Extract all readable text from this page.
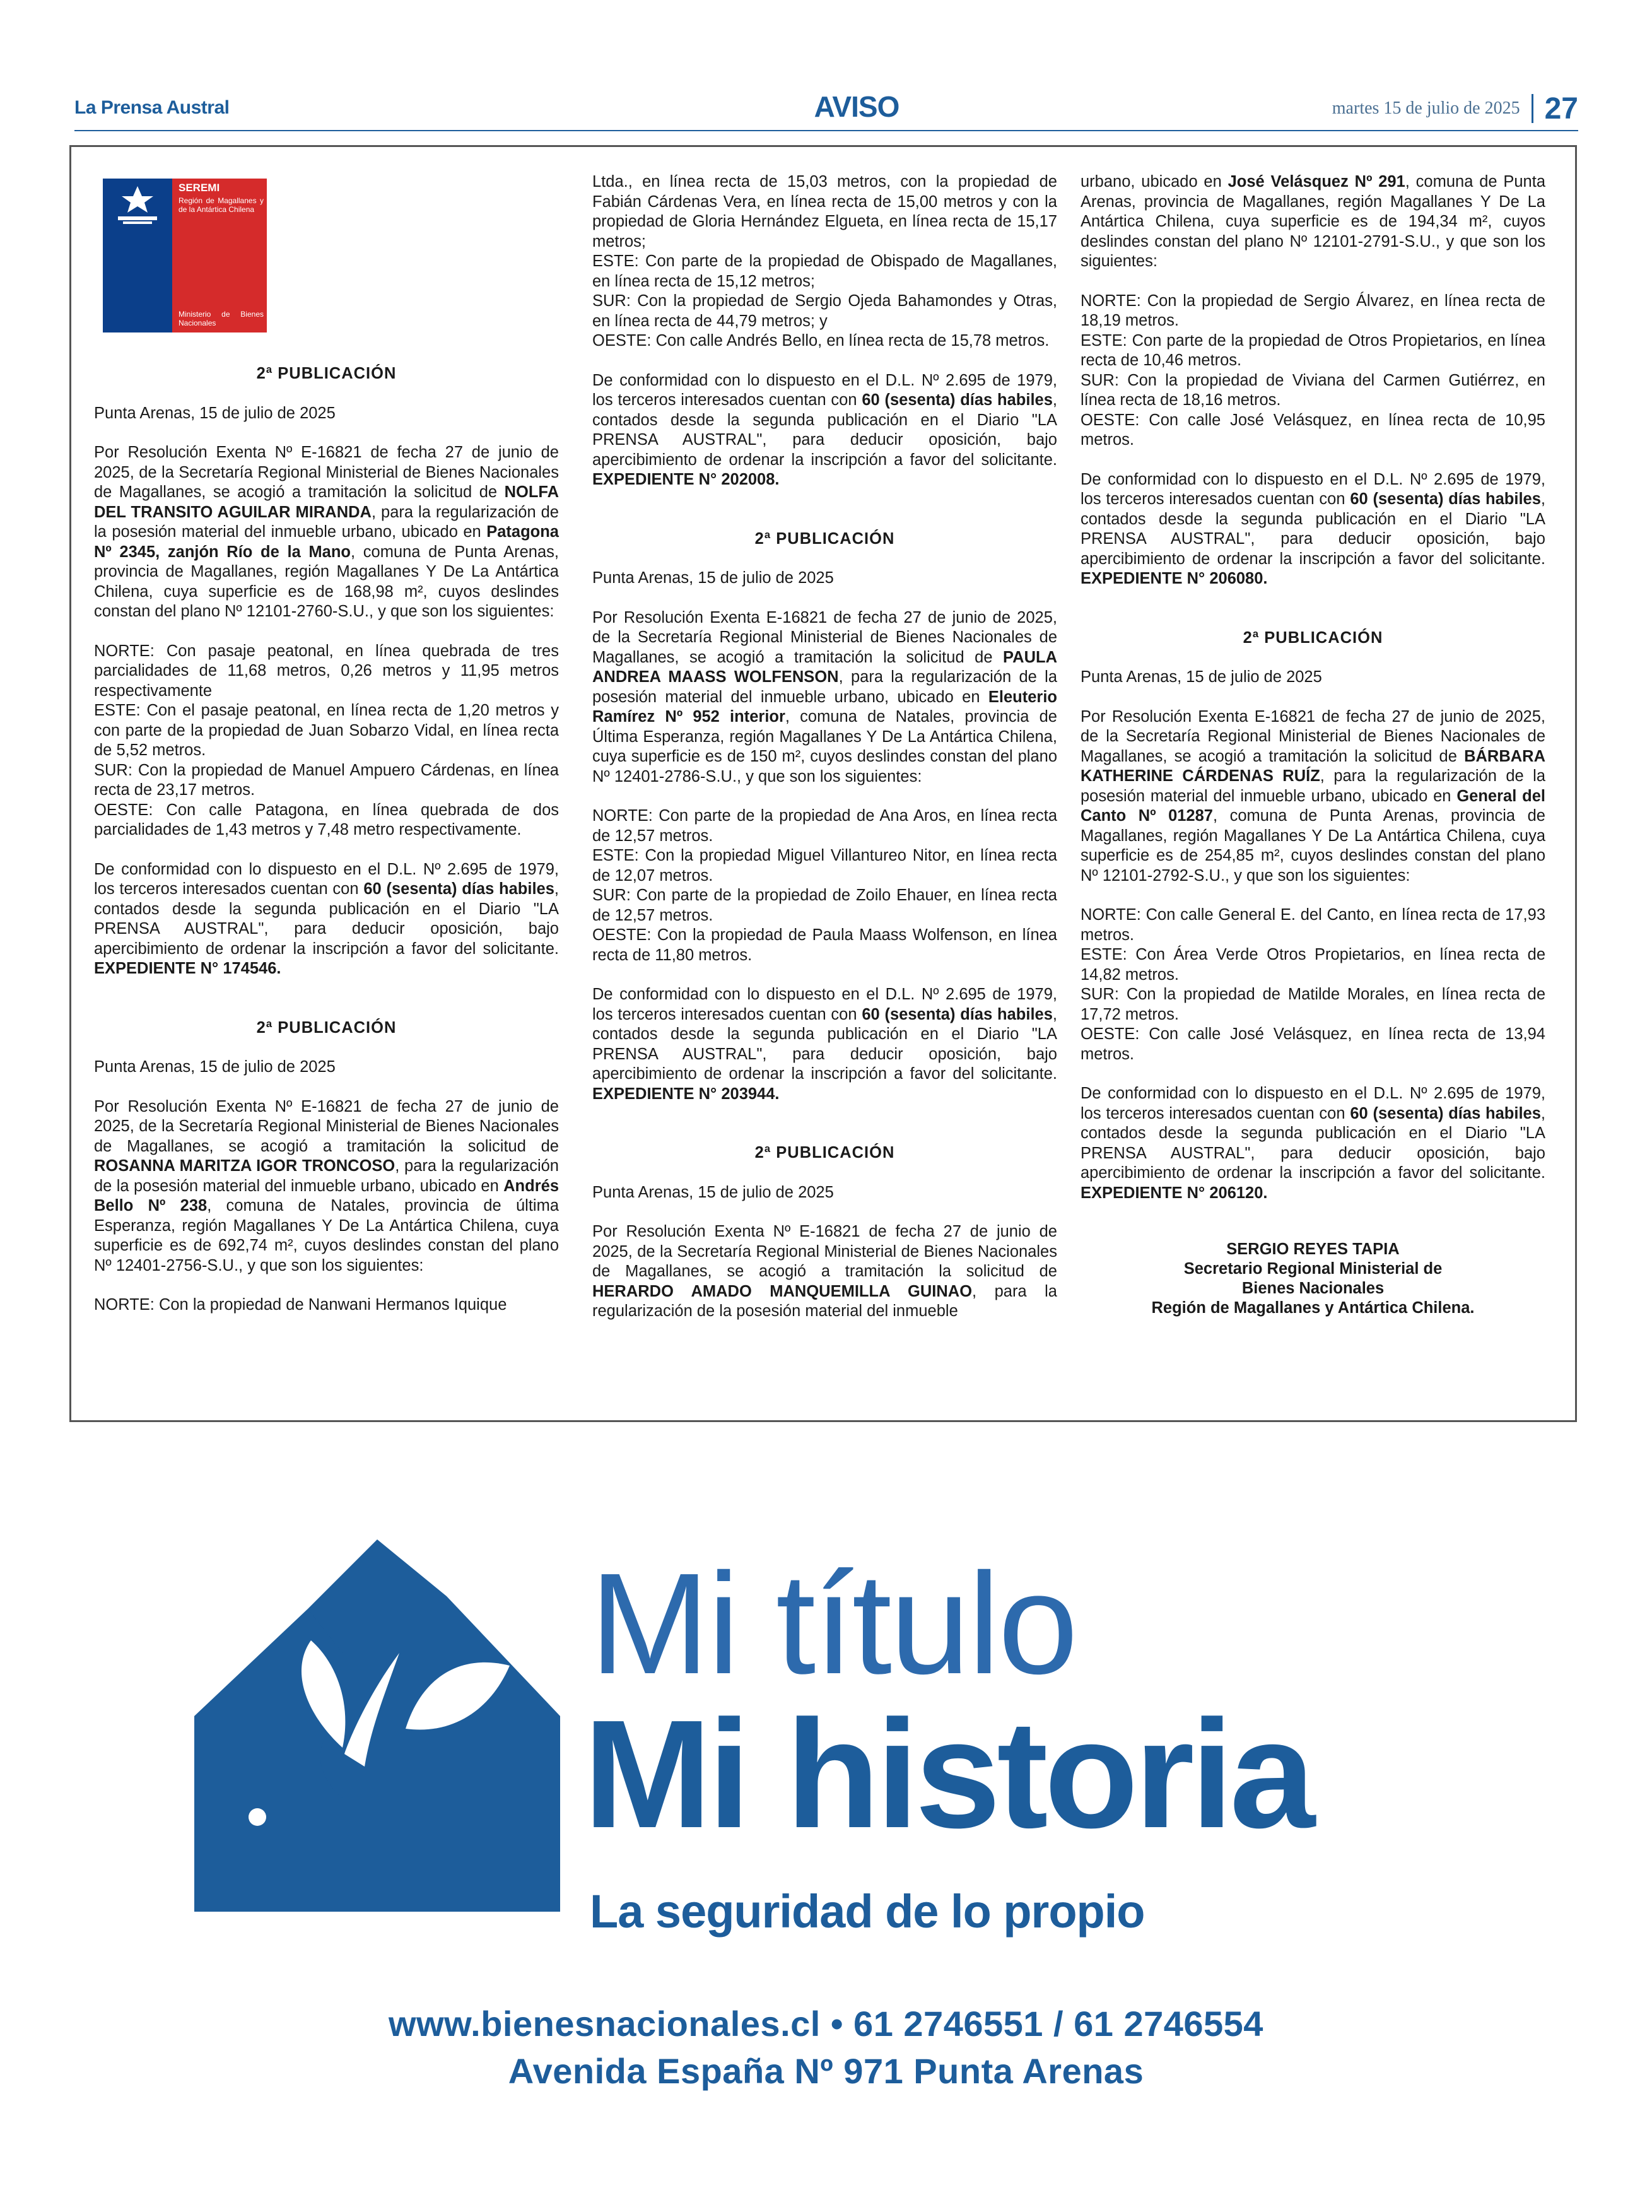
La Prensa Austral	AVISO	martes 15 de julio de 2025 27
SEREMI
Región de Magallanes y de la Antártica Chilena
Ministerio de Bienes Nacionales
2ª PUBLICACIÓN

Punta Arenas, 15 de julio de 2025

Por Resolución Exenta Nº E-16821 de fecha 27 de junio de 2025, de la Secretaría Regional Ministerial de Bienes Nacionales de Magallanes, se acogió a tramitación la solicitud de NOLFA DEL TRANSITO AGUILAR MIRANDA, para la regularización de la posesión material del inmueble urbano, ubicado en Patagona Nº 2345, zanjón Río de la Mano, comuna de Punta Arenas, provincia de Magallanes, región Magallanes Y De La Antártica Chilena, cuya superficie es de 168,98 m², cuyos deslindes constan del plano Nº 12101-2760-S.U., y que son los siguientes:

NORTE: Con pasaje peatonal, en línea quebrada de tres parcialidades de 11,68 metros, 0,26 metros y 11,95 metros respectivamente

ESTE: Con el pasaje peatonal, en línea recta de 1,20 metros y con parte de la propiedad de Juan Sobarzo Vidal, en línea recta de 5,52 metros.

SUR: Con la propiedad de Manuel Ampuero Cárdenas, en línea recta de 23,17 metros.

OESTE: Con calle Patagona, en línea quebrada de dos parcialidades de 1,43 metros y 7,48 metro respectivamente.

De conformidad con lo dispuesto en el D.L. Nº 2.695 de 1979, los terceros interesados cuentan con 60 (sesenta) días habiles, contados desde la segunda publicación en el Diario "LA PRENSA AUSTRAL", para deducir oposición, bajo apercibimiento de ordenar la inscripción a favor del solicitante. EXPEDIENTE N° 174546.

2ª PUBLICACIÓN

Punta Arenas, 15 de julio de 2025

Por Resolución Exenta Nº E-16821 de fecha 27 de junio de 2025, de la Secretaría Regional Ministerial de Bienes Nacionales de Magallanes, se acogió a tramitación la solicitud de ROSANNA MARITZA IGOR TRONCOSO, para la regularización de la posesión material del inmueble urbano, ubicado en Andrés Bello Nº 238, comuna de Natales, provincia de última Esperanza, región Magallanes Y De La Antártica Chilena, cuya superficie es de 692,74 m², cuyos deslindes constan del plano Nº 12401-2756-S.U., y que son los siguientes:

NORTE: Con la propiedad de Nanwani Hermanos Iquique

Ltda., en línea recta de 15,03 metros, con la propiedad de Fabián Cárdenas Vera, en línea recta de 15,00 metros y con la propiedad de Gloria Hernández Elgueta, en línea recta de 15,17 metros;

ESTE: Con parte de la propiedad de Obispado de Magallanes, en línea recta de 15,12 metros;

SUR: Con la propiedad de Sergio Ojeda Bahamondes y Otras, en línea recta de 44,79 metros; y

OESTE: Con calle Andrés Bello, en línea recta de 15,78 metros.

De conformidad con lo dispuesto en el D.L. Nº 2.695 de 1979, los terceros interesados cuentan con 60 (sesenta) días habiles, contados desde la segunda publicación en el Diario "LA PRENSA AUSTRAL", para deducir oposición, bajo apercibimiento de ordenar la inscripción a favor del solicitante. EXPEDIENTE N° 202008.

2ª PUBLICACIÓN

Punta Arenas, 15 de julio de 2025

Por Resolución Exenta E-16821 de fecha 27 de junio de 2025, de la Secretaría Regional Ministerial de Bienes Nacionales de Magallanes, se acogió a tramitación la solicitud de PAULA ANDREA MAASS WOLFENSON, para la regularización de la posesión material del inmueble urbano, ubicado en Eleuterio Ramírez Nº 952 interior, comuna de Natales, provincia de Última Esperanza, región Magallanes Y De La Antártica Chilena, cuya superficie es de 150 m², cuyos deslindes constan del plano Nº 12401-2786-S.U., y que son los siguientes:

NORTE: Con parte de la propiedad de Ana Aros, en línea recta de 12,57 metros.

ESTE: Con la propiedad Miguel Villantureo Nitor, en línea recta de 12,07 metros.

SUR: Con parte de la propiedad de Zoilo Ehauer, en línea recta de 12,57 metros.

OESTE: Con la propiedad de Paula Maass Wolfenson, en línea recta de 11,80 metros.

De conformidad con lo dispuesto en el D.L. Nº 2.695 de 1979, los terceros interesados cuentan con 60 (sesenta) días habiles, contados desde la segunda publicación en el Diario "LA PRENSA AUSTRAL", para deducir oposición, bajo apercibimiento de ordenar la inscripción a favor del solicitante. EXPEDIENTE N° 203944.

2ª PUBLICACIÓN

Punta Arenas, 15 de julio de 2025

Por Resolución Exenta Nº E-16821 de fecha 27 de junio de 2025, de la Secretaría Regional Ministerial de Bienes Nacionales de Magallanes, se acogió a tramitación la solicitud de HERARDO AMADO MANQUEMILLA GUINAO, para la regularización de la posesión material del inmueble

urbano, ubicado en José Velásquez Nº 291, comuna de Punta Arenas, provincia de Magallanes, región Magallanes Y De La Antártica Chilena, cuya superficie es de 194,34 m², cuyos deslindes constan del plano Nº 12101-2791-S.U., y que son los siguientes:

NORTE: Con la propiedad de Sergio Álvarez, en línea recta de 18,19 metros.

ESTE: Con parte de la propiedad de Otros Propietarios, en línea recta de 10,46 metros.

SUR: Con la propiedad de Viviana del Carmen Gutiérrez, en línea recta de 18,16 metros.

OESTE: Con calle José Velásquez, en línea recta de 10,95 metros.

De conformidad con lo dispuesto en el D.L. Nº 2.695 de 1979, los terceros interesados cuentan con 60 (sesenta) días habiles, contados desde la segunda publicación en el Diario "LA PRENSA AUSTRAL", para deducir oposición, bajo apercibimiento de ordenar la inscripción a favor del solicitante. EXPEDIENTE N° 206080.

2ª PUBLICACIÓN

Punta Arenas, 15 de julio de 2025

Por Resolución Exenta E-16821 de fecha 27 de junio de 2025, de la Secretaría Regional Ministerial de Bienes Nacionales de Magallanes, se acogió a tramitación la solicitud de BÁRBARA KATHERINE CÁRDENAS RUÍZ, para la regularización de la posesión material del inmueble urbano, ubicado en General del Canto Nº 01287, comuna de Punta Arenas, provincia de Magallanes, región Magallanes Y De La Antártica Chilena, cuya superficie es de 254,85 m², cuyos deslindes constan del plano Nº 12101-2792-S.U., y que son los siguientes:

NORTE: Con calle General E. del Canto, en línea recta de 17,93 metros.

ESTE: Con Área Verde Otros Propietarios, en línea recta de 14,82 metros.

SUR: Con la propiedad de Matilde Morales, en línea recta de 17,72 metros.

OESTE: Con calle José Velásquez, en línea recta de 13,94 metros.

De conformidad con lo dispuesto en el D.L. Nº 2.695 de 1979, los terceros interesados cuentan con 60 (sesenta) días habiles, contados desde la segunda publicación en el Diario "LA PRENSA AUSTRAL", para deducir oposición, bajo apercibimiento de ordenar la inscripción a favor del solicitante. EXPEDIENTE N° 206120.

SERGIO REYES TAPIA
Secretario Regional Ministerial de
Bienes Nacionales
Región de Magallanes y Antártica Chilena.
Mi título
Mi historia
La seguridad de lo propio
www.bienesnacionales.cl • 61 2746551 / 61 2746554
Avenida España Nº 971 Punta Arenas
